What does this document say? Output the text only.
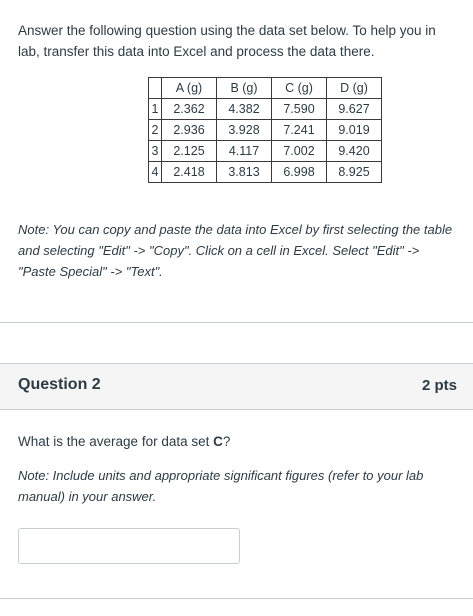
Answer the following question using the data set below. To help you in lab, transfer this data into Excel and process the data there.
	A (g)	B (g)	C (g)	D (g)
1	2.362	4.382	7.590	9.627
2	2.936	3.928	7.241	9.019
3	2.125	4.117	7.002	9.420
4	2.418	3.813	6.998	8.925
Note: You can copy and paste the data into Excel by first selecting the table and selecting "Edit" -> "Copy". Click on a cell in Excel. Select "Edit" -> "Paste Special" -> "Text".
Question 2	2 pts
What is the average for data set C?
Note: Include units and appropriate significant figures (refer to your lab manual) in your answer.
